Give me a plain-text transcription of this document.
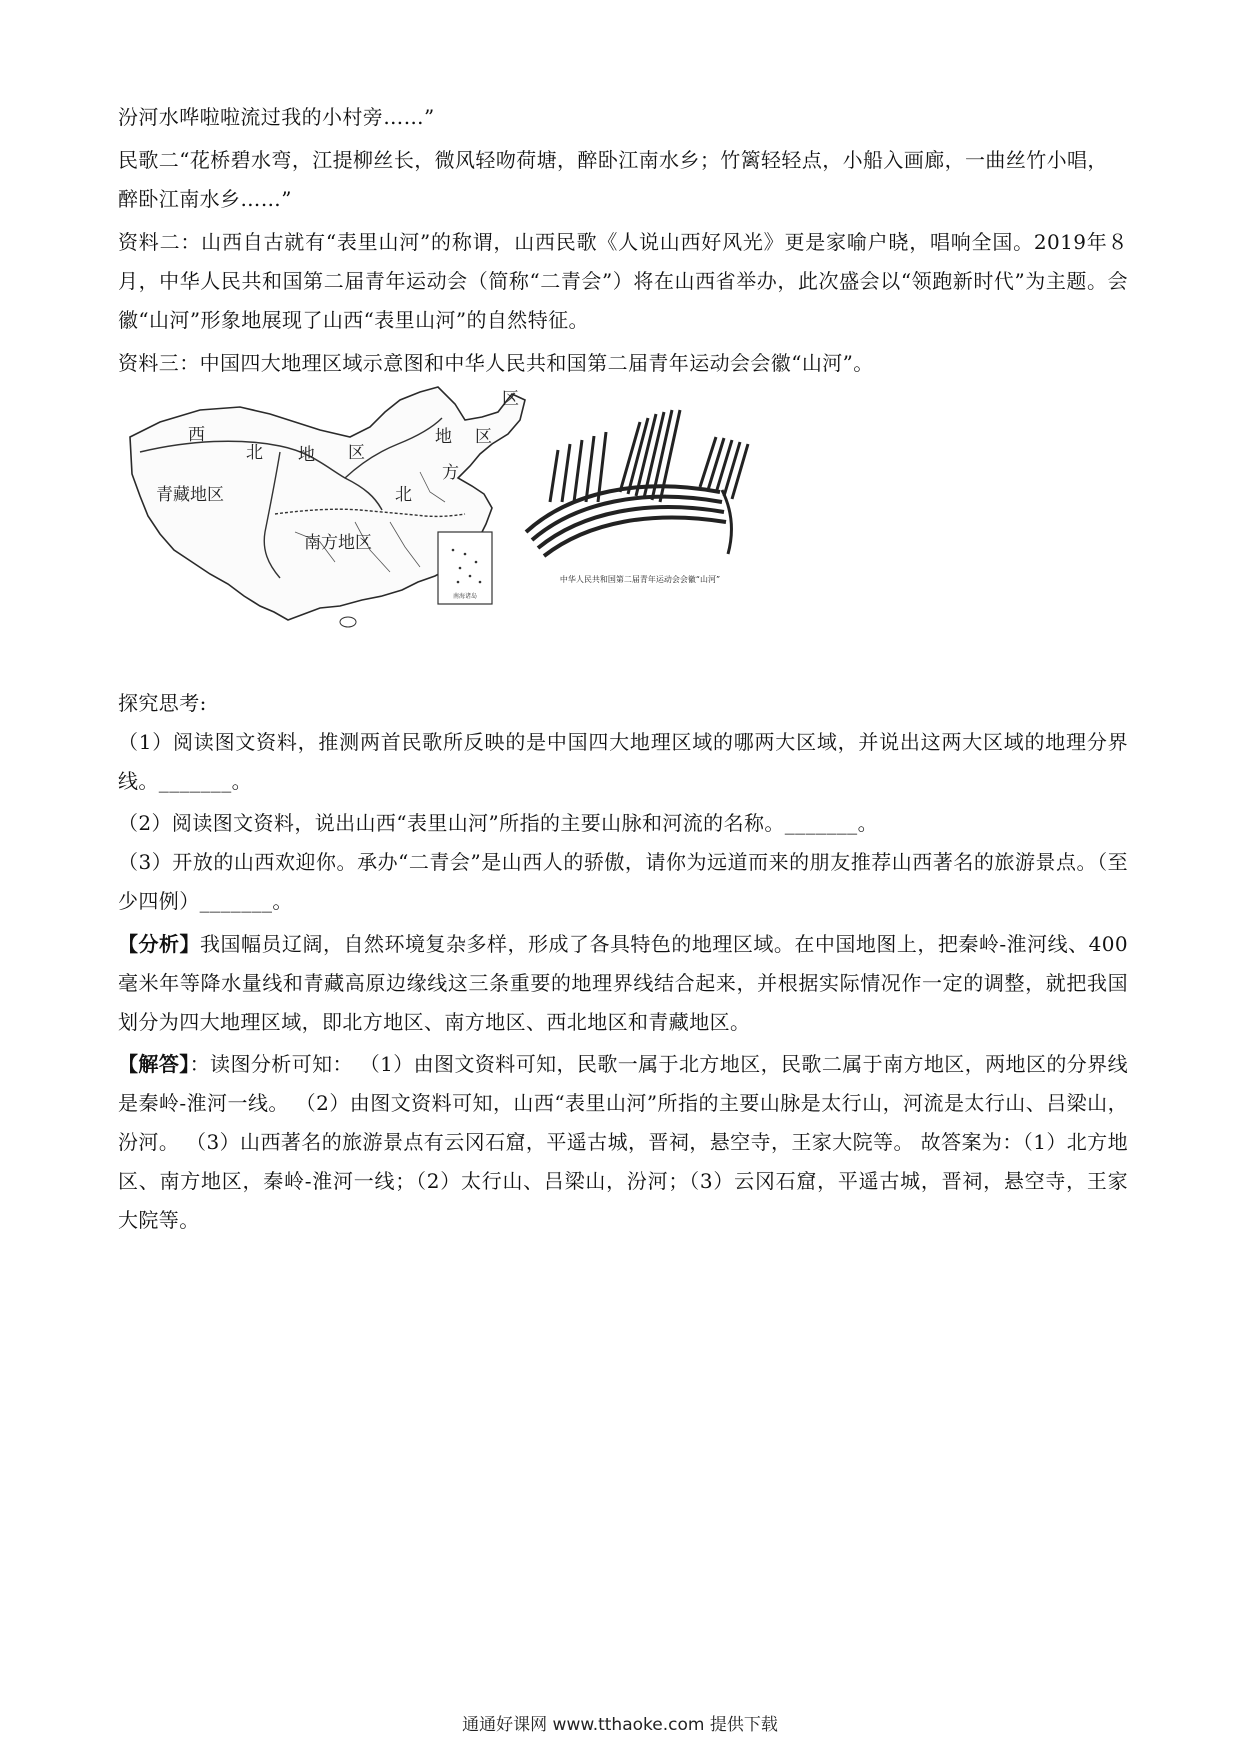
汾河水哗啦啦流过我的小村旁……”

民歌二“花桥碧水弯，江提柳丝长，微风轻吻荷塘，醉卧江南水乡；竹篱轻轻点，小船入画廊，一曲丝竹小唱，

醉卧江南水乡……”

资料二：山西自古就有“表里山河”的称谓，山西民歌《人说山西好风光》更是家喻户晓，唱响全国。2019年８月，中华人民共和国第二届青年运动会（简称“二青会”）将在山西省举办，此次盛会以“领跑新时代”为主题。会徽“山河”形象地展现了山西“表里山河”的自然特征。

资料三：中国四大地理区域示意图和中华人民共和国第二届青年运动会会徽“山河”。

西
北 地 区
北
方
地 区
区
青藏地区
南方地区
南海诸岛
中华人民共和国第二届青年运动会会徽“山河”

探究思考:

（1）阅读图文资料，推测两首民歌所反映的是中国四大地理区域的哪两大区域，并说出这两大区域的地理分界线。_______。

（2）阅读图文资料，说出山西“表里山河”所指的主要山脉和河流的名称。_______。

（3）开放的山西欢迎你。承办“二青会”是山西人的骄傲，请你为远道而来的朋友推荐山西著名的旅游景点。（至少四例）_______。

【分析】我国幅员辽阔，自然环境复杂多样，形成了各具特色的地理区域。在中国地图上，把秦岭-淮河线、400毫米年等降水量线和青藏高原边缘线这三条重要的地理界线结合起来，并根据实际情况作一定的调整，就把我国划分为四大地理区域，即北方地区、南方地区、西北地区和青藏地区。

【解答】：读图分析可知： （1）由图文资料可知，民歌一属于北方地区，民歌二属于南方地区，两地区的分界线是秦岭-淮河一线。 （2）由图文资料可知，山西“表里山河”所指的主要山脉是太行山，河流是太行山、吕梁山，汾河。 （3）山西著名的旅游景点有云冈石窟，平遥古城，晋祠，悬空寺，王家大院等。 故答案为：（1）北方地区、南方地区，秦岭-淮河一线；（2）太行山、吕梁山，汾河；（3）云冈石窟，平遥古城，晋祠，悬空寺，王家大院等。

通通好课网 www.tthaoke.com 提供下载
